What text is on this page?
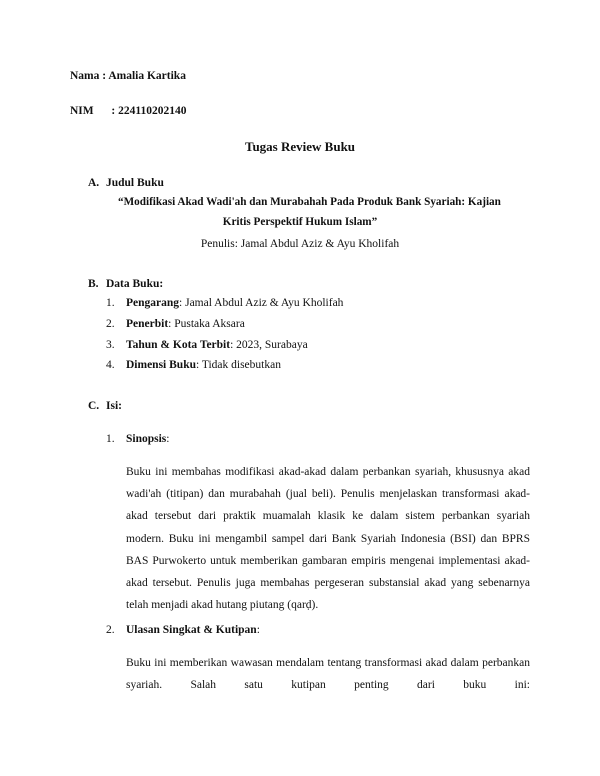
Nama : Amalia Kartika
NIM : 224110202140
Tugas Review Buku
A. Judul Buku
“Modifikasi Akad Wadi'ah dan Murabahah Pada Produk Bank Syariah: Kajian
Kritis Perspektif Hukum Islam”
Penulis: Jamal Abdul Aziz & Ayu Kholifah
B. Data Buku:
1. Pengarang: Jamal Abdul Aziz & Ayu Kholifah
2. Penerbit: Pustaka Aksara
3. Tahun & Kota Terbit: 2023, Surabaya
4. Dimensi Buku: Tidak disebutkan
C. Isi:
1. Sinopsis:
Buku ini membahas modifikasi akad-akad dalam perbankan syariah, khususnya akad
wadi'ah (titipan) dan murabahah (jual beli). Penulis menjelaskan transformasi akad-
akad tersebut dari praktik muamalah klasik ke dalam sistem perbankan syariah
modern. Buku ini mengambil sampel dari Bank Syariah Indonesia (BSI) dan BPRS
BAS Purwokerto untuk memberikan gambaran empiris mengenai implementasi akad-
akad tersebut. Penulis juga membahas pergeseran substansial akad yang sebenarnya
telah menjadi akad hutang piutang (qarḍ).
2. Ulasan Singkat & Kutipan:
Buku ini memberikan wawasan mendalam tentang transformasi akad dalam perbankan
syariah. Salah satu kutipan penting dari buku ini:
